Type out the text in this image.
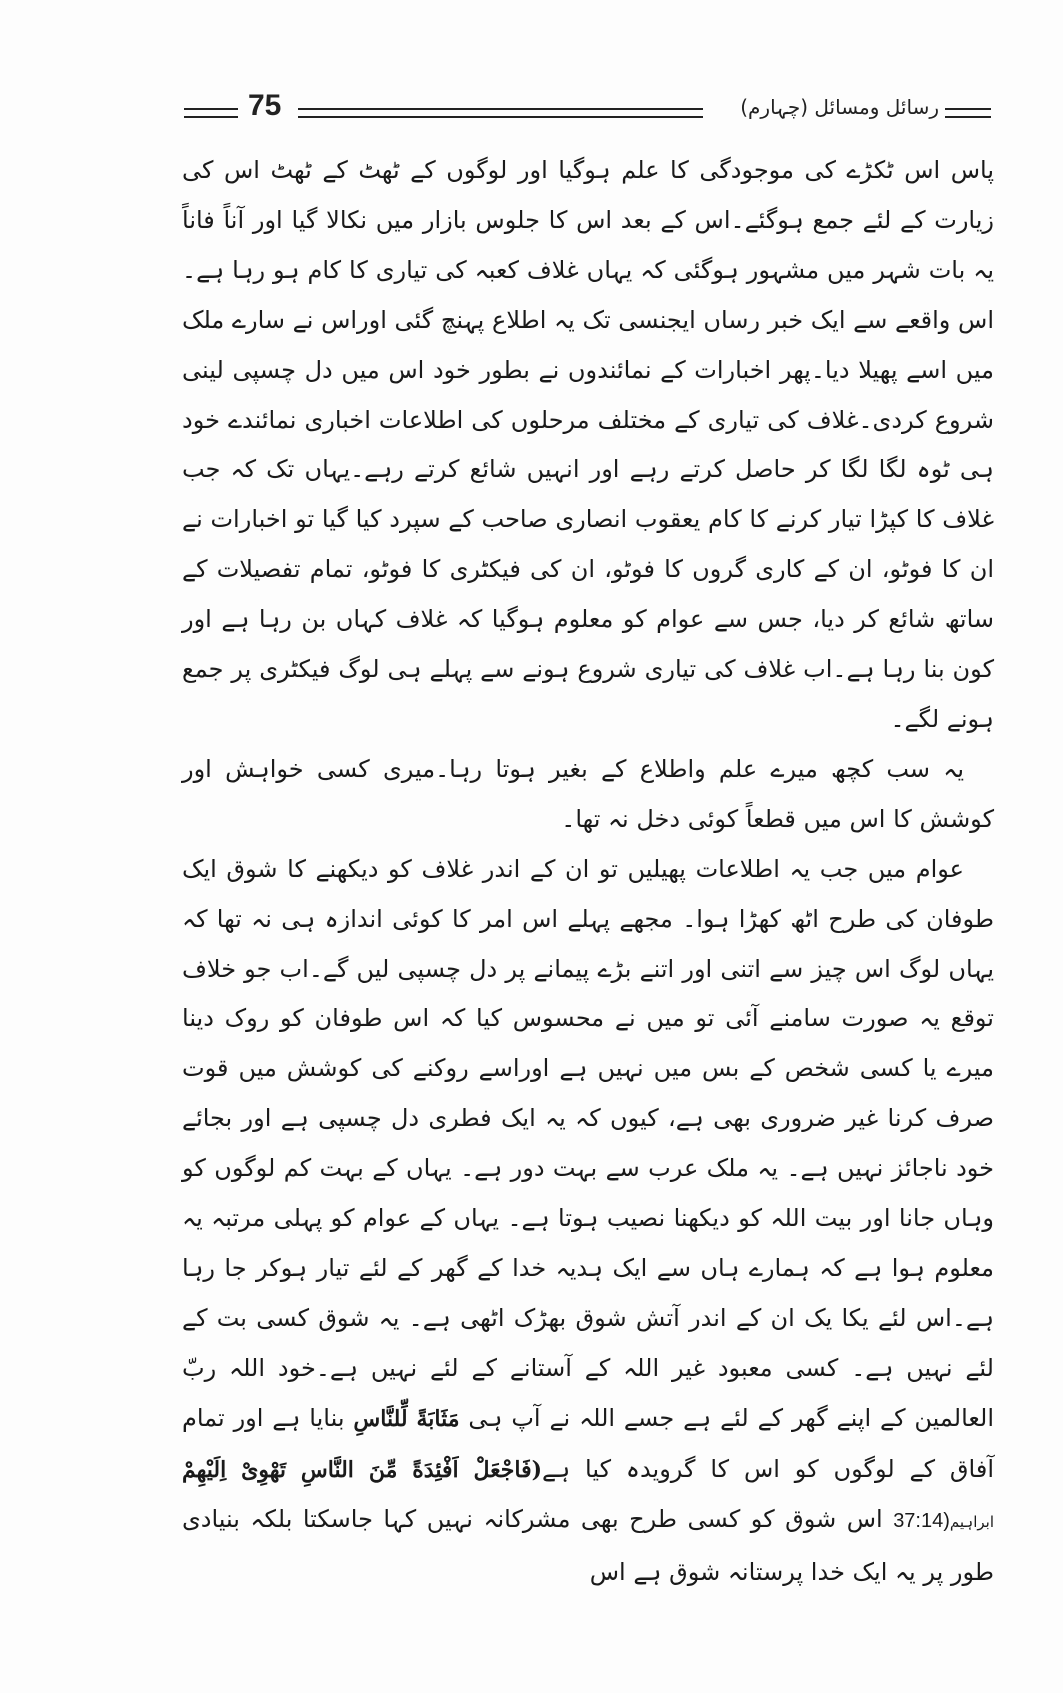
75	رسائل ومسائل (چہارم)

پاس اس ٹکڑے کی موجودگی کا علم ہوگیا اور لوگوں کے ٹھٹ کے ٹھٹ اس کی زیارت کے لئے جمع ہوگئے۔اس کے بعد اس کا جلوس بازار میں نکالا گیا اور آناً فاناً یہ بات شہر میں مشہور ہوگئی کہ یہاں غلاف کعبہ کی تیاری کا کام ہو رہا ہے۔اس واقعے سے ایک خبر رساں ایجنسی تک یہ اطلاع پہنچ گئی اوراس نے سارے ملک میں اسے پھیلا دیا۔پھر اخبارات کے نمائندوں نے بطور خود اس میں دل چسپی لینی شروع کردی۔غلاف کی تیاری کے مختلف مرحلوں کی اطلاعات اخباری نمائندے خود ہی ٹوہ لگا لگا کر حاصل کرتے رہے اور انہیں شائع کرتے رہے۔یہاں تک کہ جب غلاف کا کپڑا تیار کرنے کا کام یعقوب انصاری صاحب کے سپرد کیا گیا تو اخبارات نے ان کا فوٹو، ان کے کاری گروں کا فوٹو، ان کی فیکٹری کا فوٹو، تمام تفصیلات کے ساتھ شائع کر دیا، جس سے عوام کو معلوم ہوگیا کہ غلاف کہاں بن رہا ہے اور کون بنا رہا ہے۔اب غلاف کی تیاری شروع ہونے سے پہلے ہی لوگ فیکٹری پر جمع ہونے لگے۔

یہ سب کچھ میرے علم واطلاع کے بغیر ہوتا رہا۔میری کسی خواہش اور کوشش کا اس میں قطعاً کوئی دخل نہ تھا۔

عوام میں جب یہ اطلاعات پھیلیں تو ان کے اندر غلاف کو دیکھنے کا شوق ایک طوفان کی طرح اٹھ کھڑا ہوا۔ مجھے پہلے اس امر کا کوئی اندازہ ہی نہ تھا کہ یہاں لوگ اس چیز سے اتنی اور اتنے بڑے پیمانے پر دل چسپی لیں گے۔اب جو خلاف توقع یہ صورت سامنے آئی تو میں نے محسوس کیا کہ اس طوفان کو روک دینا میرے یا کسی شخص کے بس میں نہیں ہے اوراسے روکنے کی کوشش میں قوت صرف کرنا غیر ضروری بھی ہے، کیوں کہ یہ ایک فطری دل چسپی ہے اور بجائے خود ناجائز نہیں ہے۔ یہ ملک عرب سے بہت دور ہے۔ یہاں کے بہت کم لوگوں کو وہاں جانا اور بیت اللہ کو دیکھنا نصیب ہوتا ہے۔ یہاں کے عوام کو پہلی مرتبہ یہ معلوم ہوا ہے کہ ہمارے ہاں سے ایک ہدیہ خدا کے گھر کے لئے تیار ہوکر جا رہا ہے۔اس لئے یکا یک ان کے اندر آتش شوق بھڑک اٹھی ہے۔ یہ شوق کسی بت کے لئے نہیں ہے۔ کسی معبود غیر اللہ کے آستانے کے لئے نہیں ہے۔خود اللہ ربّ العالمین کے اپنے گھر کے لئے ہے جسے اللہ نے آپ ہی مَثَابَةً لِّلنَّاسِ بنایا ہے اور تمام آفاق کے لوگوں کو اس کا گرویدہ کیا ہے(فَاجْعَلْ اَفْئِدَةً مِّنَ النَّاسِ تَهْوِیْ اِلَیْهِمْ ابراہیم37:14) اس شوق کو کسی طرح بھی مشرکانہ نہیں کہا جاسکتا بلکہ بنیادی طور پر یہ ایک خدا پرستانہ شوق ہے اس
